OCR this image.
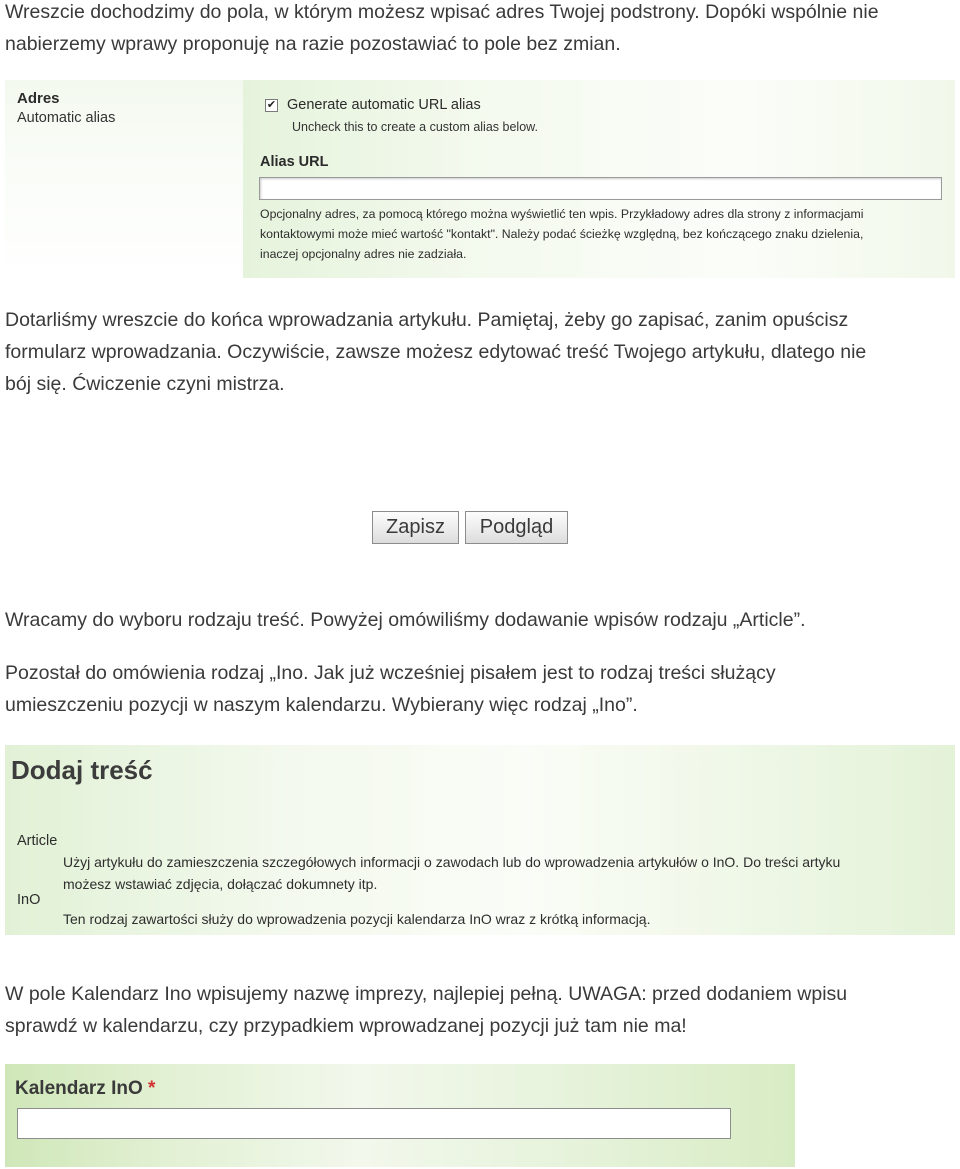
Wreszcie dochodzimy do pola, w którym możesz wpisać adres Twojej podstrony. Dopóki wspólnie nie
nabierzemy wprawy proponuję na razie pozostawiać to pole bez zmian.

Adres
Automatic alias
✔ Generate automatic URL alias
Uncheck this to create a custom alias below.
Alias URL
Opcjonalny adres, za pomocą którego można wyświetlić ten wpis. Przykładowy adres dla strony z informacjami
kontaktowymi może mieć wartość "kontakt". Należy podać ścieżkę względną, bez kończącego znaku dzielenia,
inaczej opcjonalny adres nie zadziała.

Dotarliśmy wreszcie do końca wprowadzania artykułu. Pamiętaj, żeby go zapisać, zanim opuścisz
formularz wprowadzania. Oczywiście, zawsze możesz edytować treść Twojego artykułu, dlatego nie
bój się. Ćwiczenie czyni mistrza.

Zapisz	Podgląd

Wracamy do wyboru rodzaju treść. Powyżej omówiliśmy dodawanie wpisów rodzaju „Article”.

Pozostał do omówienia rodzaj „Ino. Jak już wcześniej pisałem jest to rodzaj treści służący
umieszczeniu pozycji w naszym kalendarzu. Wybierany więc rodzaj „Ino”.

Dodaj treść
Article
Użyj artykułu do zamieszczenia szczegółowych informacji o zawodach lub do wprowadzenia artykułów o InO. Do treści artyku
możesz wstawiać zdjęcia, dołączać dokumnety itp.
InO
Ten rodzaj zawartości służy do wprowadzenia pozycji kalendarza InO wraz z krótką informacją.

W pole Kalendarz Ino wpisujemy nazwę imprezy, najlepiej pełną. UWAGA: przed dodaniem wpisu
sprawdź w kalendarzu, czy przypadkiem wprowadzanej pozycji już tam nie ma!

Kalendarz InO *
